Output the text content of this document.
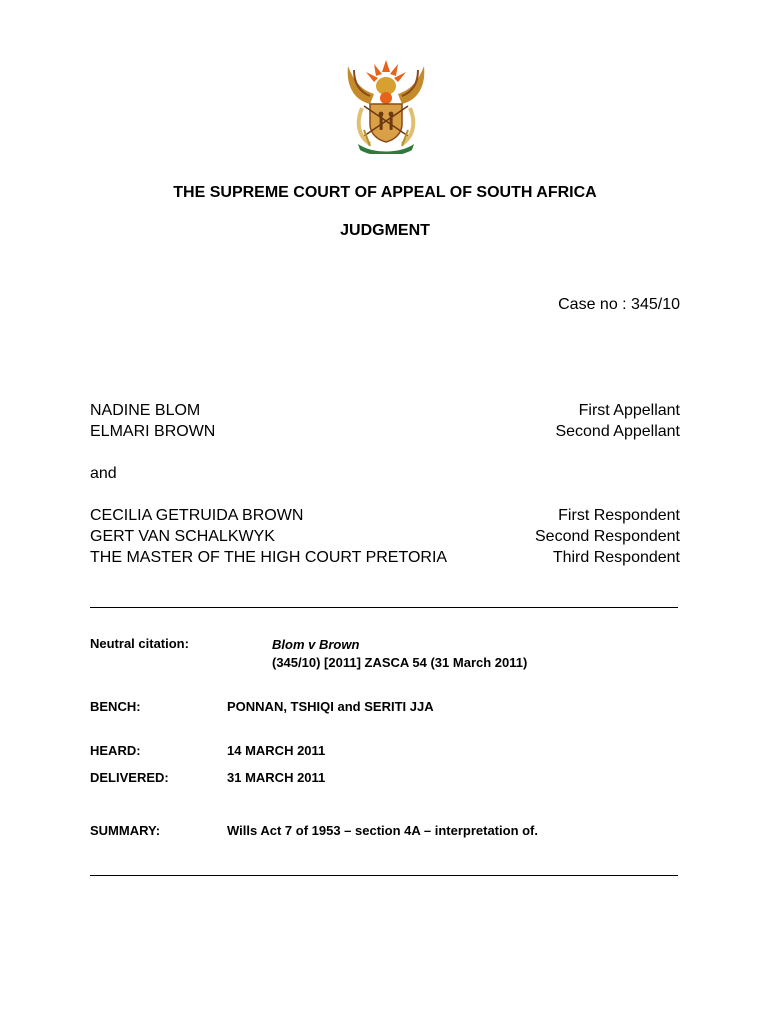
THE SUPREME COURT OF APPEAL OF SOUTH AFRICA
JUDGMENT
Case no : 345/10
NADINE BLOM	First Appellant
ELMARI BROWN	Second Appellant
and
CECILIA GETRUIDA BROWN	First Respondent
GERT VAN SCHALKWYK	Second Respondent
THE MASTER OF THE HIGH COURT PRETORIA	Third Respondent
Neutral citation:	Blom v Brown
(345/10) [2011] ZASCA 54 (31 March 2011)
BENCH:	PONNAN, TSHIQI and SERITI JJA
HEARD:	14 MARCH 2011
DELIVERED:	31 MARCH 2011
SUMMARY:	Wills Act 7 of 1953 – section 4A – interpretation of.
